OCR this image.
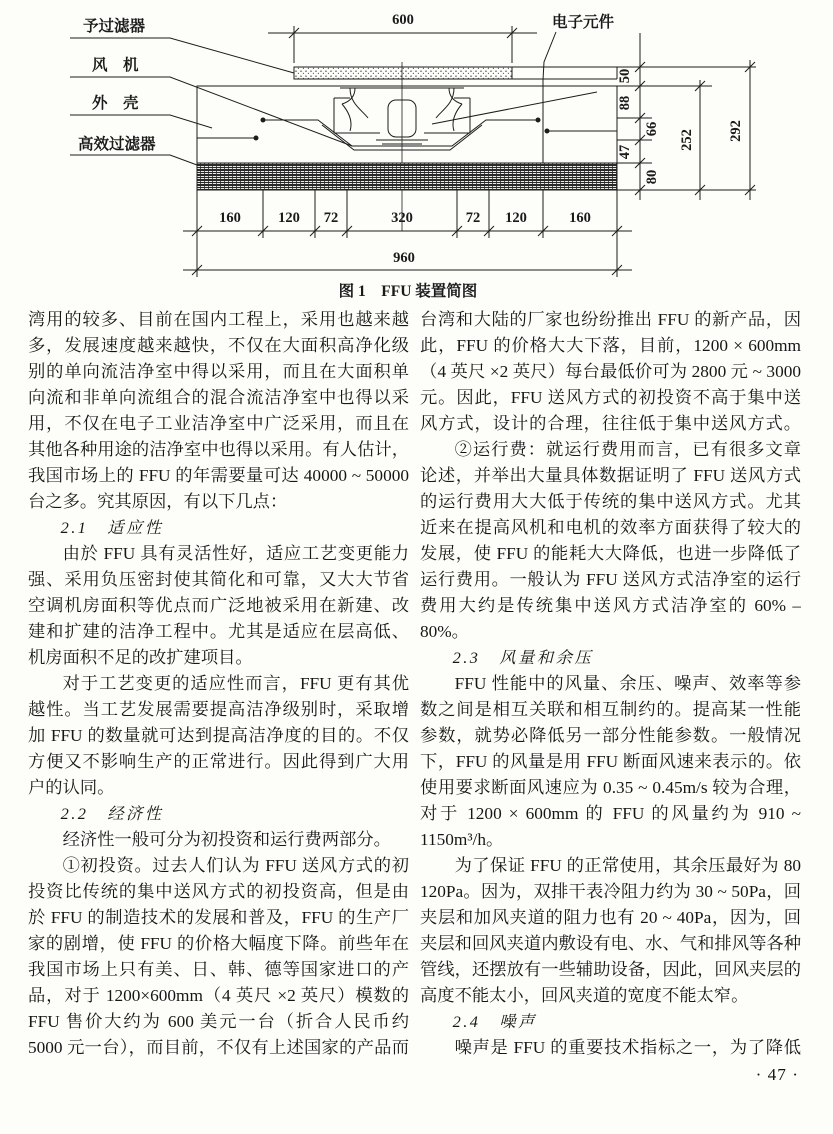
予过滤器
风　机
外　壳
高效过滤器
电子元件
600
50
88
66
47
80
252 292
160	120 72	320	72 120	160
960
图 1　FFU 装置简图
湾用的较多、目前在国内工程上，采用也越来越
多，发展速度越来越快，不仅在大面积高净化级
别的单向流洁净室中得以采用，而且在大面积单
向流和非单向流组合的混合流洁净室中也得以采
用，不仅在电子工业洁净室中广泛采用，而且在
其他各种用途的洁净室中也得以采用。有人估计，
我国市场上的 FFU 的年需要量可达 40000 ~ 50000
台之多。究其原因，有以下几点：
2.1　适应性
由於 FFU 具有灵活性好，适应工艺变更能力
强、采用负压密封使其简化和可靠，又大大节省
空调机房面积等优点而广泛地被采用在新建、改
建和扩建的洁净工程中。尤其是适应在层高低、
机房面积不足的改扩建项目。
对于工艺变更的适应性而言，FFU 更有其优
越性。当工艺发展需要提高洁净级别时，采取增
加 FFU 的数量就可达到提高洁净度的目的。不仅
方便又不影响生产的正常进行。因此得到广大用
户的认同。
2.2　经济性
经济性一般可分为初投资和运行费两部分。
①初投资。过去人们认为 FFU 送风方式的初
投资比传统的集中送风方式的初投资高，但是由
於 FFU 的制造技术的发展和普及，FFU 的生产厂
家的剧增，使 FFU 的价格大幅度下降。前些年在
我国市场上只有美、日、韩、德等国家进口的产
品，对于 1200×600mm（4 英尺 ×2 英尺）模数的
FFU 售价大约为 600 美元一台（折合人民币约
5000 元一台），而目前，不仅有上述国家的产品而
台湾和大陆的厂家也纷纷推出 FFU 的新产品，因
此，FFU 的价格大大下落，目前，1200 × 600mm
（4 英尺 ×2 英尺）每台最低价可为 2800 元 ~ 3000
元。因此，FFU 送风方式的初投资不高于集中送
风方式，设计的合理，往往低于集中送风方式。
②运行费：就运行费用而言，已有很多文章
论述，并举出大量具体数据证明了 FFU 送风方式
的运行费用大大低于传统的集中送风方式。尤其
近来在提高风机和电机的效率方面获得了较大的
发展，使 FFU 的能耗大大降低，也进一步降低了
运行费用。一般认为 FFU 送风方式洁净室的运行
费用大约是传统集中送风方式洁净室的 60% –
80%。
2.3　风量和余压
FFU 性能中的风量、余压、噪声、效率等参
数之间是相互关联和相互制约的。提高某一性能
参数，就势必降低另一部分性能参数。一般情况
下，FFU 的风量是用 FFU 断面风速来表示的。依
使用要求断面风速应为 0.35 ~ 0.45m/s 较为合理，
对于 1200 × 600mm 的 FFU 的风量约为 910 ~
1150m³/h。
为了保证 FFU 的正常使用，其余压最好为 80
120Pa。因为，双排干表冷阻力约为 30 ~ 50Pa，回
夹层和加风夹道的阻力也有 20 ~ 40Pa，因为，回
夹层和回风夹道内敷设有电、水、气和排风等各种
管线，还摆放有一些辅助设备，因此，回风夹层的
高度不能太小，回风夹道的宽度不能太窄。
2.4　噪声
噪声是 FFU 的重要技术指标之一，为了降低
· 47 ·
